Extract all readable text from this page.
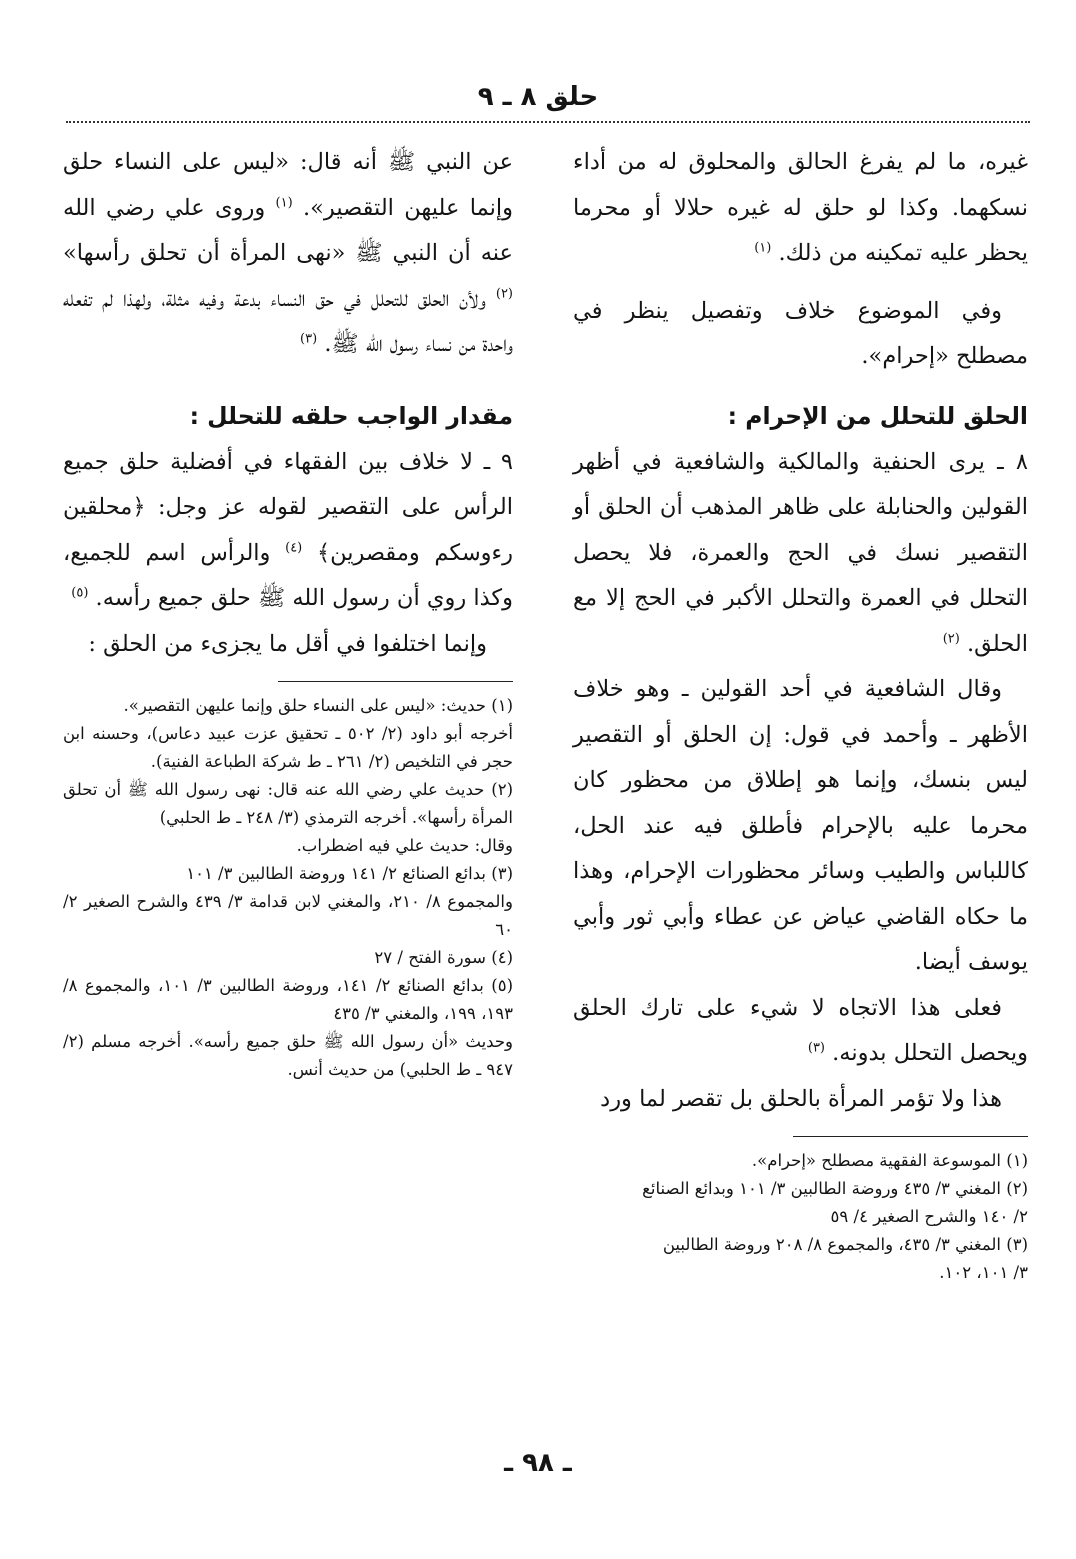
حلق ٨ ـ ٩

غيره، ما لم يفرغ الحالق والمحلوق له من أداء نسكهما. وكذا لو حلق له غيره حلالا أو محرما يحظر عليه تمكينه من ذلك. $^{(١)}$

وفي الموضوع خلاف وتفصيل ينظر في مصطلح «إحرام».

الحلق للتحلل من الإحرام :

٨ ـ يرى الحنفية والمالكية والشافعية في أظهر القولين والحنابلة على ظاهر المذهب أن الحلق أو التقصير نسك في الحج والعمرة، فلا يحصل التحلل في العمرة والتحلل الأكبر في الحج إلا مع الحلق. $^{(٢)}$

وقال الشافعية في أحد القولين ـ وهو خلاف الأظهر ـ وأحمد في قول: إن الحلق أو التقصير ليس بنسك، وإنما هو إطلاق من محظور كان محرما عليه بالإحرام فأطلق فيه عند الحل، كاللباس والطيب وسائر محظورات الإحرام، وهذا ما حكاه القاضي عياض عن عطاء وأبي ثور وأبي يوسف أيضا.

فعلى هذا الاتجاه لا شيء على تارك الحلق ويحصل التحلل بدونه. $^{(٣)}$

هذا ولا تؤمر المرأة بالحلق بل تقصر لما ورد

(١) الموسوعة الفقهية مصطلح «إحرام».

(٢) المغني ٣/ ٤٣٥ وروضة الطالبين ٣/ ١٠١ وبدائع الصنائع

٢/ ١٤٠ والشرح الصغير ٤/ ٥٩

(٣) المغني ٣/ ٤٣٥، والمجموع ٨/ ٢٠٨ وروضة الطالبين

٣/ ١٠١، ١٠٢.

عن النبي ﷺ أنه قال: «ليس على النساء حلق وإنما عليهن التقصير». $^{(١)}$ وروى علي رضي الله عنه أن النبي ﷺ «نهى المرأة أن تحلق رأسها» $^{(٢)}$ ولأن الحلق للتحلل في حق النساء بدعة وفيه مثلة، ولهذا لم تفعله واحدة من نساء رسول الله ﷺ. $^{(٣)}$

مقدار الواجب حلقه للتحلل :

٩ ـ لا خلاف بين الفقهاء في أفضلية حلق جميع الرأس على التقصير لقوله عز وجل: ﴿محلقين رءوسكم ومقصرين﴾ $^{(٤)}$ والرأس اسم للجميع، وكذا روي أن رسول الله ﷺ حلق جميع رأسه. $^{(٥)}$

وإنما اختلفوا في أقل ما يجزىء من الحلق :

(١) حديث: «ليس على النساء حلق وإنما عليهن التقصير».

أخرجه أبو داود (٢/ ٥٠٢ ـ تحقيق عزت عبيد دعاس)، وحسنه ابن حجر في التلخيص (٢/ ٢٦١ ـ ط شركة الطباعة الفنية).

(٢) حديث علي رضي الله عنه قال: نهى رسول الله ﷺ أن تحلق المرأة رأسها». أخرجه الترمذي (٣/ ٢٤٨ ـ ط الحلبي)

وقال: حديث علي فيه اضطراب.

(٣) بدائع الصنائع ٢/ ١٤١ وروضة الطالبين ٣/ ١٠١

والمجموع ٨/ ٢١٠، والمغني لابن قدامة ٣/ ٤٣٩ والشرح الصغير ٢/ ٦٠

(٤) سورة الفتح / ٢٧

(٥) بدائع الصنائع ٢/ ١٤١، وروضة الطالبين ٣/ ١٠١، والمجموع ٨/ ١٩٣، ١٩٩، والمغني ٣/ ٤٣٥

وحديث «أن رسول الله ﷺ حلق جميع رأسه». أخرجه مسلم (٢/ ٩٤٧ ـ ط الحلبي) من حديث أنس.

ـ ٩٨ ـ
